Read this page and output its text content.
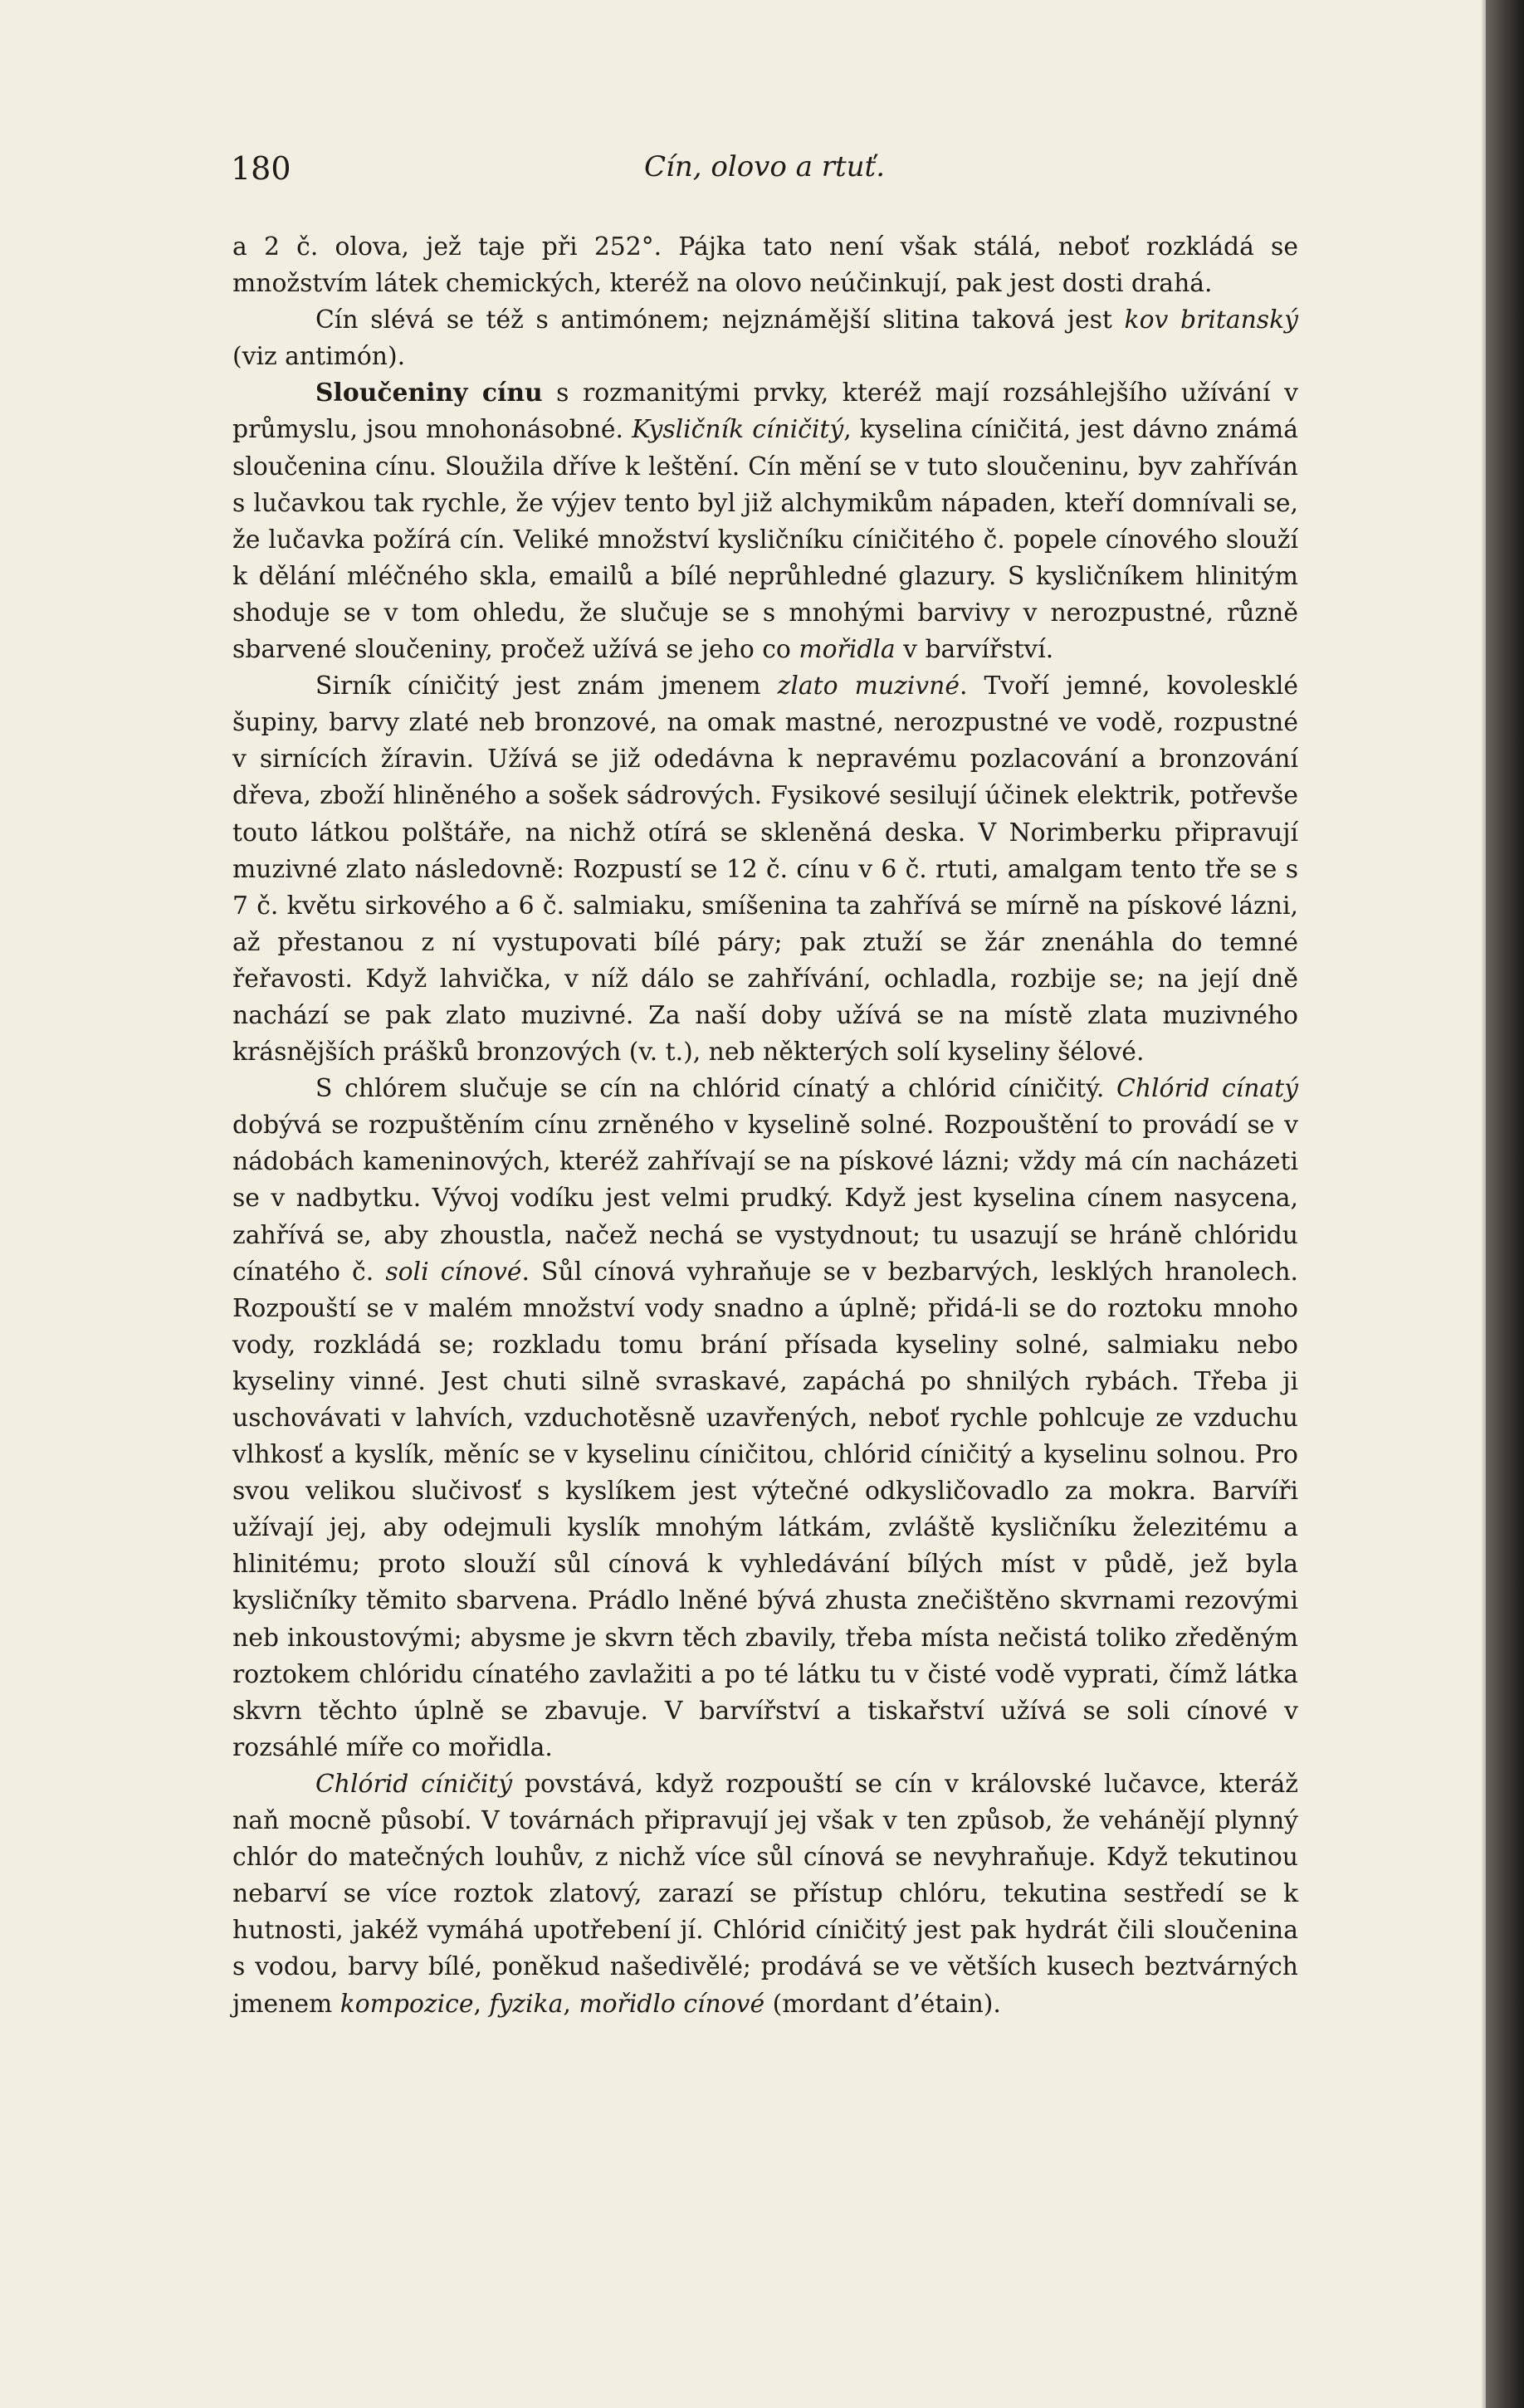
180	Cín, olovo a rtuť.

a 2 č. olova, jež taje při 252°. Pájka tato není však stálá, neboť rozkládá se množstvím látek chemických, kteréž na olovo neúčinkují, pak jest dosti drahá.

Cín slévá se též s antimónem; nejznámější slitina taková jest kov britanský (viz antimón).

Sloučeniny cínu s rozmanitými prvky, kteréž mají rozsáhlejšího užívání v průmyslu, jsou mnohonásobné. Kysličník cíničitý, kyselina cíničitá, jest dávno známá sloučenina cínu. Sloužila dříve k leštění. Cín mění se v tuto sloučeninu, byv zahříván s lučavkou tak rychle, že výjev tento byl již alchymikům nápaden, kteří domnívali se, že lučavka požírá cín. Veliké množství kysličníku cíničitého č. popele cínového slouží k dělání mléčného skla, emailů a bílé neprůhledné glazury. S kysličníkem hlinitým shoduje se v tom ohledu, že slučuje se s mnohými barvivy v nerozpustné, různě sbarvené sloučeniny, pročež užívá se jeho co mořidla v barvířství.

Sirník cíničitý jest znám jmenem zlato muzivné. Tvoří jemné, kovolesklé šupiny, barvy zlaté neb bronzové, na omak mastné, nerozpustné ve vodě, rozpustné v sirnících žíravin. Užívá se již odedávna k nepravému pozlacování a bronzování dřeva, zboží hliněného a sošek sádrových. Fysikové sesilují účinek elektrik, potřevše touto látkou polštáře, na nichž otírá se skleněná deska. V Norimberku připravují muzivné zlato následovně: Rozpustí se 12 č. cínu v 6 č. rtuti, amalgam tento tře se s 7 č. květu sirkového a 6 č. salmiaku, smíšenina ta zahřívá se mírně na pískové lázni, až přestanou z ní vystupovati bílé páry; pak ztuží se žár znenáhla do temné řeřavosti. Když lahvička, v níž dálo se zahřívání, ochladla, rozbije se; na její dně nachází se pak zlato muzivné. Za naší doby užívá se na místě zlata muzivného krásnějších prášků bronzových (v. t.), neb některých solí kyseliny šélové.

S chlórem slučuje se cín na chlórid cínatý a chlórid cíničitý. Chlórid cínatý dobývá se rozpuštěním cínu zrněného v kyselině solné. Rozpouštění to provádí se v nádobách kameninových, kteréž zahřívají se na pískové lázni; vždy má cín nacházeti se v nadbytku. Vývoj vodíku jest velmi prudký. Když jest kyselina cínem nasycena, zahřívá se, aby zhoustla, načež nechá se vystydnout; tu usazují se hráně chlóridu cínatého č. soli cínové. Sůl cínová vyhraňuje se v bezbarvých, lesklých hranolech. Rozpouští se v malém množství vody snadno a úplně; přidá-li se do roztoku mnoho vody, rozkládá se; rozkladu tomu brání přísada kyseliny solné, salmiaku nebo kyseliny vinné. Jest chuti silně svraskavé, zapáchá po shnilých rybách. Třeba ji uschovávati v lahvích, vzduchotěsně uzavřených, neboť rychle pohlcuje ze vzduchu vlhkosť a kyslík, měníc se v kyselinu cíničitou, chlórid cíničitý a kyselinu solnou. Pro svou velikou slučivosť s kyslíkem jest výtečné odkysličovadlo za mokra. Barvíři užívají jej, aby odejmuli kyslík mnohým látkám, zvláště kysličníku železitému a hlinitému; proto slouží sůl cínová k vyhledávání bílých míst v půdě, jež byla kysličníky těmito sbarvena. Prádlo lněné bývá zhusta znečištěno skvrnami rezovými neb inkoustovými; abysme je skvrn těch zbavily, třeba místa nečistá toliko zředěným roztokem chlóridu cínatého zavlažiti a po té látku tu v čisté vodě vyprati, čímž látka skvrn těchto úplně se zbavuje. V barvířství a tiskařství užívá se soli cínové v rozsáhlé míře co mořidla.

Chlórid cíničitý povstává, když rozpouští se cín v královské lučavce, kteráž naň mocně působí. V továrnách připravují jej však v ten způsob, že vehánějí plynný chlór do matečných louhův, z nichž více sůl cínová se nevyhraňuje. Když tekutinou nebarví se více roztok zlatový, zarazí se přístup chlóru, tekutina sestředí se k hutnosti, jakéž vymáhá upotřebení jí. Chlórid cíničitý jest pak hydrát čili sloučenina s vodou, barvy bílé, poněkud našedivělé; prodává se ve větších kusech beztvárných jmenem kompozice, fyzika, mořidlo cínové (mordant d’étain).
